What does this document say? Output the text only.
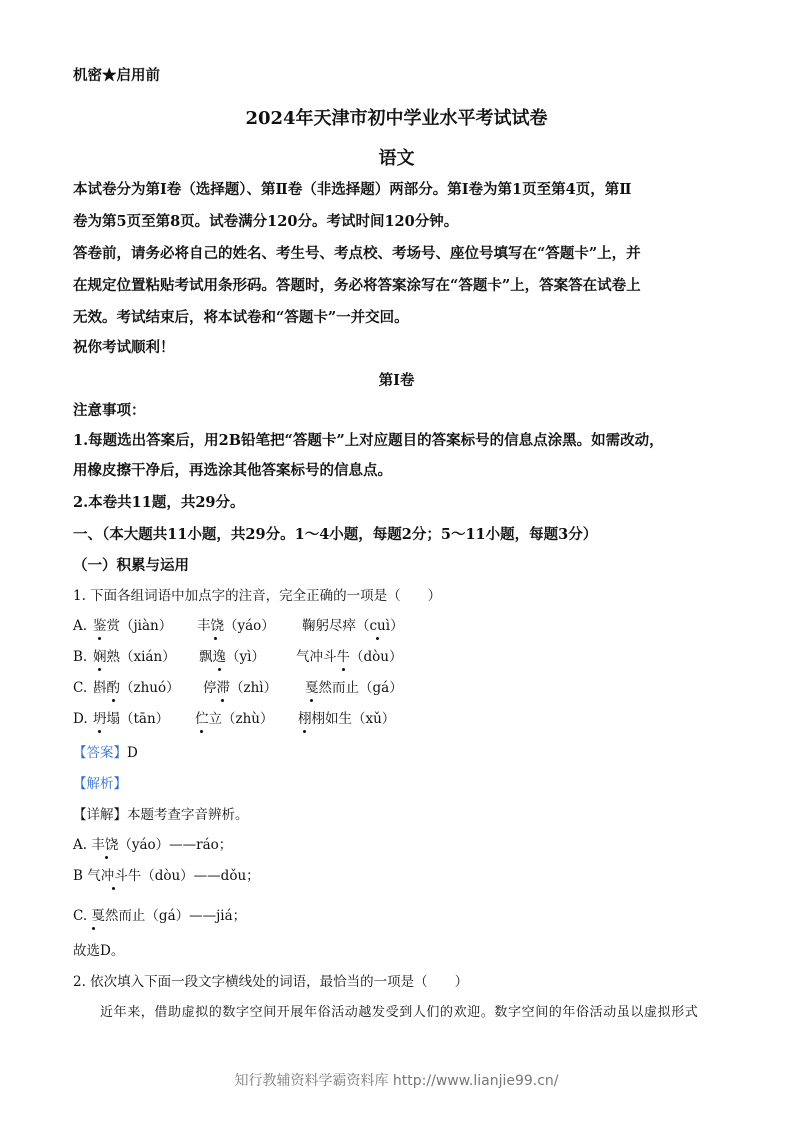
机密★启用前
2024年天津市初中学业水平考试试卷
语文
本试卷分为第Ⅰ卷（选择题）、第Ⅱ卷（非选择题）两部分。第Ⅰ卷为第1页至第4页，第Ⅱ
卷为第5页至第8页。试卷满分120分。考试时间120分钟。
答卷前，请务必将自己的姓名、考生号、考点校、考场号、座位号填写在“答题卡”上，并
在规定位置粘贴考试用条形码。答题时，务必将答案涂写在“答题卡”上，答案答在试卷上
无效。考试结束后，将本试卷和“答题卡”一并交回。
祝你考试顺利！
第Ⅰ卷
注意事项：
1.每题选出答案后，用2B铅笔把“答题卡”上对应题目的答案标号的信息点涂黑。如需改动，
用橡皮擦干净后，再选涂其他答案标号的信息点。
2.本卷共11题，共29分。
一、（本大题共11小题，共29分。1～4小题，每题2分；5～11小题，每题3分）
（一）积累与运用
1. 下面各组词语中加点字的注音，完全正确的一项是（　　）
A. 鉴赏（jiàn） 丰饶（yáo） 鞠躬尽瘁（cuì）
B. 娴熟（xián） 飘逸（yì） 气冲斗牛（dòu）
C. 斟酌（zhuó） 停滞（zhì） 戛然而止（gá）
D. 坍塌（tān） 伫立（zhù） 栩栩如生（xǔ）
【答案】D
【解析】
【详解】本题考查字音辨析。
A. 丰饶（yáo）——ráo；
B 气冲斗牛（dòu）——dǒu；
C. 戛然而止（gá）——jiá；
故选D。
2. 依次填入下面一段文字横线处的词语，最恰当的一项是（　　）
近年来，借助虚拟的数字空间开展年俗活动越发受到人们的欢迎。数字空间的年俗活动虽以虚拟形式
知行教辅资料学霸资料库 http://www.lianjie99.cn/
